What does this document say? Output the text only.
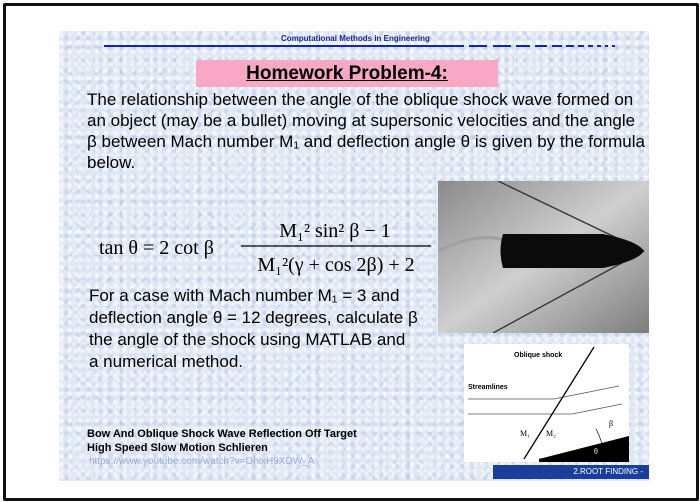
Computational Methods in Engineering
Homework Problem-4:
The relationship between the angle of the oblique shock wave formed on an object (may be a bullet) moving at supersonic velocities and the angle β between Mach number M₁ and deflection angle θ is given by the formula below.
tan θ = 2 cot β
M₁² sin² β − 1
M₁²(γ + cos 2β) + 2
For a case with Mach number M₁ = 3 and deflection angle θ = 12 degrees, calculate β the angle of the shock using MATLAB and a numerical method.
Bow And Oblique Shock Wave Reflection Off Target
High Speed Slow Motion Schlieren
https://www.youtube.com/watch?v=OhixH9XDW_A
Oblique shock
Streamlines
M₁ M₂
β
θ
2.ROOT FINDING -
